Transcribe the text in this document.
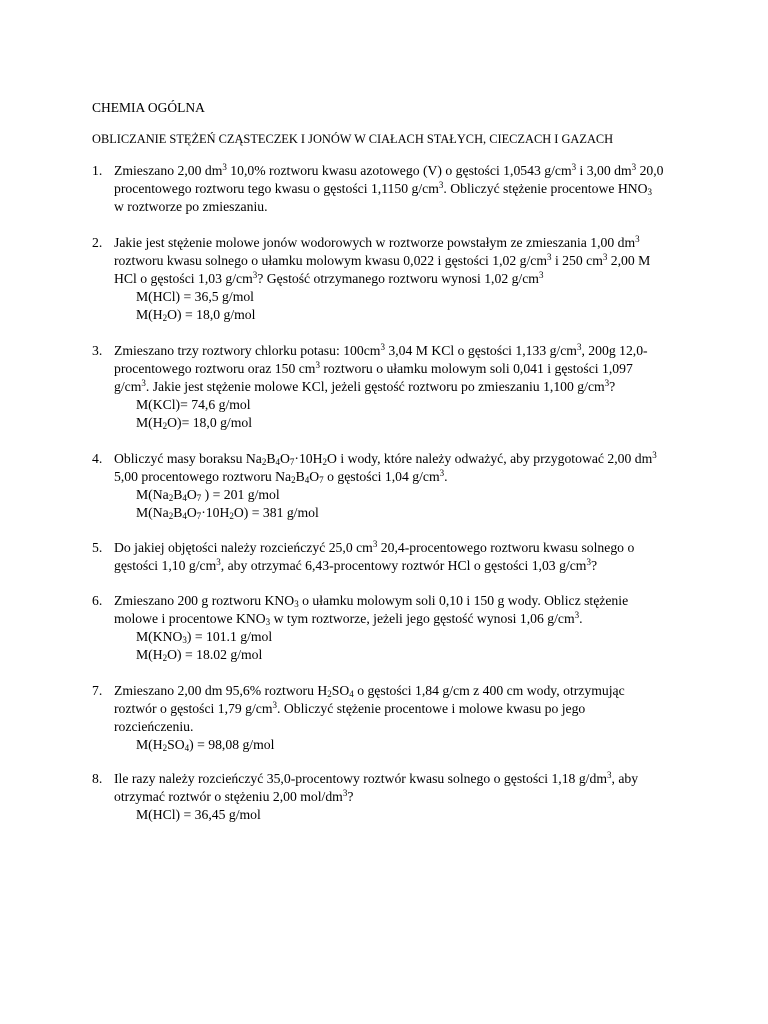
CHEMIA OGÓLNA
OBLICZANIE STĘŻEŃ CZĄSTECZEK I JONÓW W CIAŁACH STAŁYCH, CIECZACH I GAZACH
1. Zmieszano 2,00 $dm^3$ 10,0% roztworu kwasu azotowego (V) o gęstości 1,0543 $g/cm^3$ i 3,00 $dm^3$ 20,0
procentowego roztworu tego kwasu o gęstości 1,1150 $g/cm^3$. Obliczyć stężenie procentowe $HNO_3$
w roztworze po zmieszaniu.
2. Jakie jest stężenie molowe jonów wodorowych w roztworze powstałym ze zmieszania 1,00 $dm^3$
roztworu kwasu solnego o ułamku molowym kwasu 0,022 i gęstości 1,02 $g/cm^3$ i 250 $cm^3$ 2,00 M
HCl o gęstości 1,03 $g/cm^3$? Gęstość otrzymanego roztworu wynosi 1,02 $g/cm^3$
M(HCl) = 36,5 g/mol
$M(H_2O) = 18,0$ g/mol
3. Zmieszano trzy roztwory chlorku potasu: $100cm^3$ 3,04 M KCl o gęstości 1,133 $g/cm^3$, 200g 12,0-
procentowego roztworu oraz 150 $cm^3$ roztworu o ułamku molowym soli 0,041 i gęstości 1,097
$g/cm^3$. Jakie jest stężenie molowe KCl, jeżeli gęstość roztworu po zmieszaniu 1,100 $g/cm^3$?
M(KCl)= 74,6 g/mol
$M(H_2O)= 18,0$ g/mol
4. Obliczyć masy boraksu $Na_2B_4O_7\cdot 10H_2O$ i wody, które należy odważyć, aby przygotować 2,00 $dm^3$
5,00 procentowego roztworu $Na_2B_4O_7$ o gęstości 1,04 $g/cm^3$.
$M(Na_2B_4O_7$ ) = 201 g/mol
$M(Na_2B_4O_7\cdot 10H_2O) = 381$ g/mol
5. Do jakiej objętości należy rozcieńczyć 25,0 $cm^3$ 20,4-procentowego roztworu kwasu solnego o
gęstości 1,10 $g/cm^3$, aby otrzymać 6,43-procentowy roztwór HCl o gęstości 1,03 $g/cm^3$?
6. Zmieszano 200 g roztworu $KNO_3$ o ułamku molowym soli 0,10 i 150 g wody. Oblicz stężenie
molowe i procentowe $KNO_3$ w tym roztworze, jeżeli jego gęstość wynosi 1,06 $g/cm^3$.
$M(KNO_3) = 101.1$ g/mol
$M(H_2O) = 18.02$ g/mol
7. Zmieszano 2,00 dm 95,6% roztworu $H_2SO_4$ o gęstości 1,84 g/cm z 400 cm wody, otrzymując
roztwór o gęstości 1,79 $g/cm^3$. Obliczyć stężenie procentowe i molowe kwasu po jego
rozcieńczeniu.
$M(H_2SO_4) = 98,08$ g/mol
8. Ile razy należy rozcieńczyć 35,0-procentowy roztwór kwasu solnego o gęstości 1,18 $g/dm^3$, aby
otrzymać roztwór o stężeniu 2,00 mol/$dm^3$?
M(HCl) = 36,45 g/mol
